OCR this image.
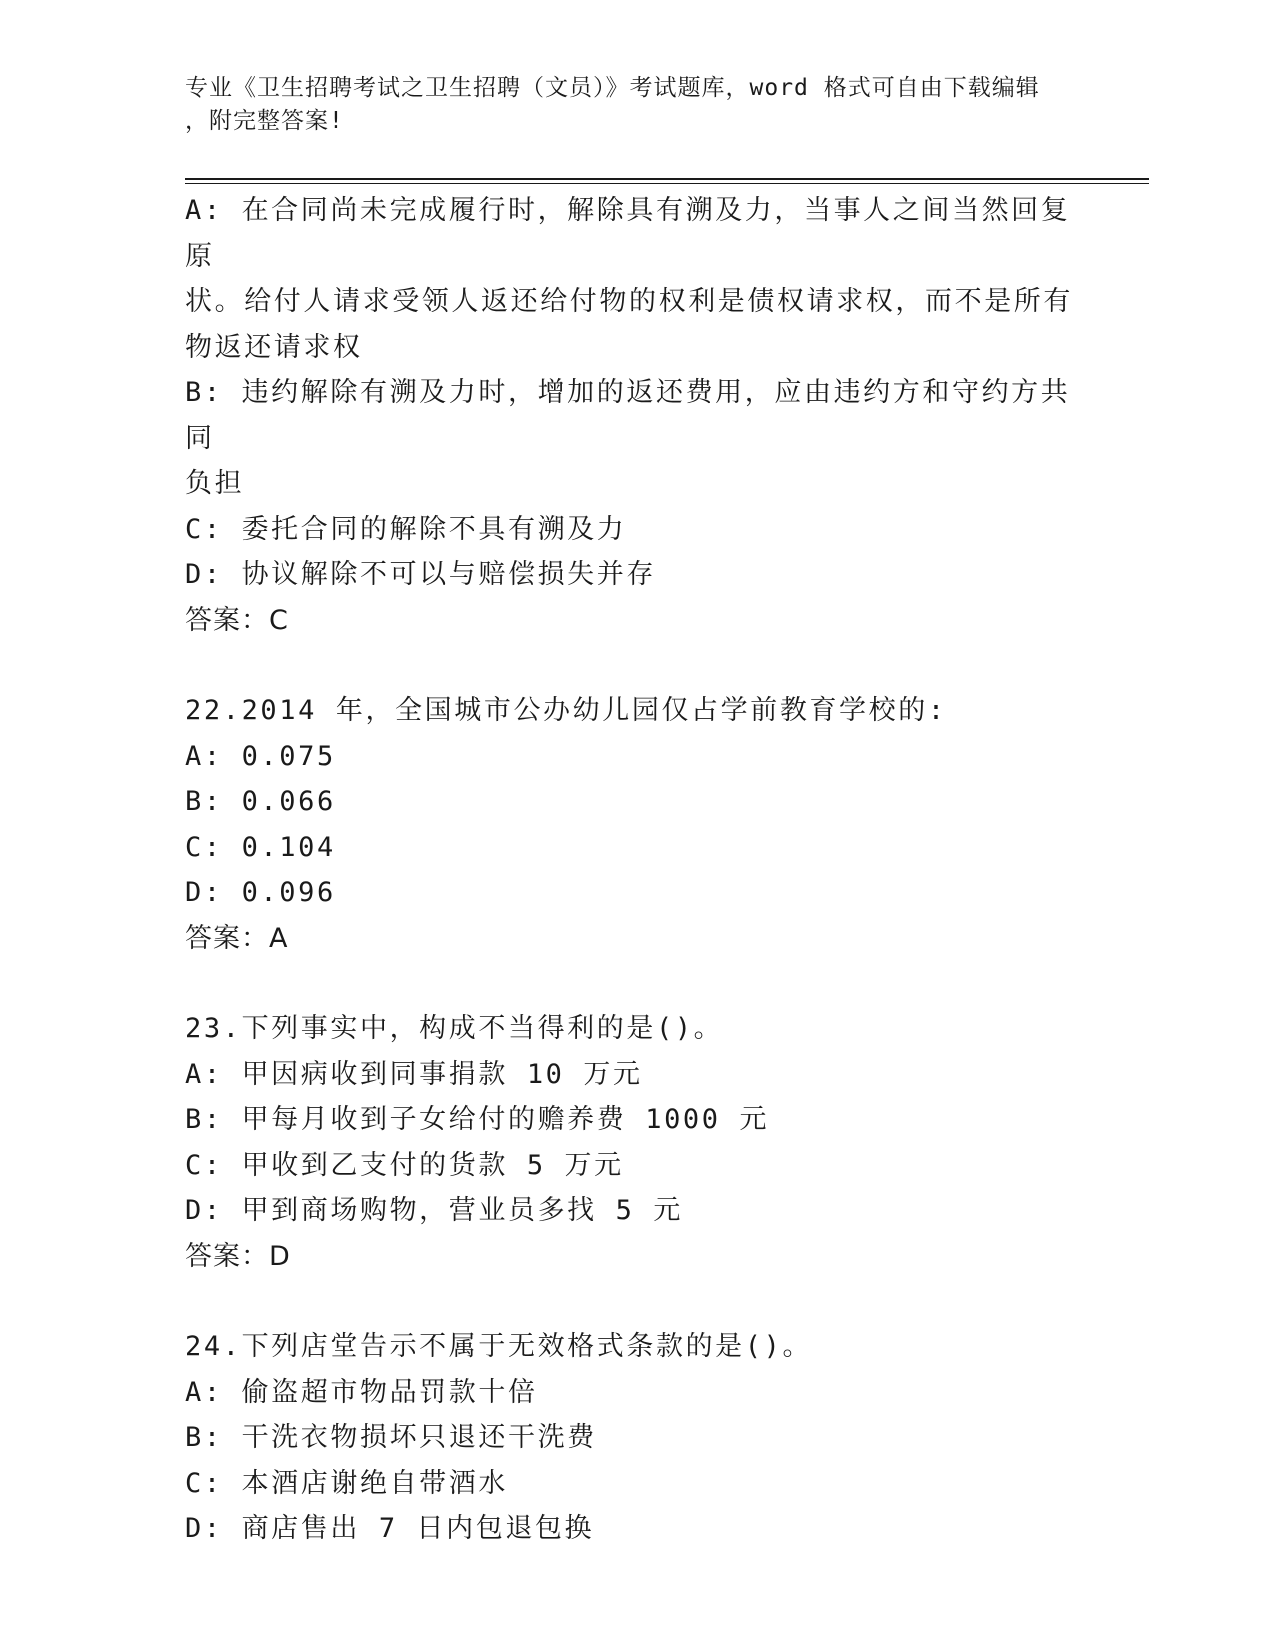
专业《卫生招聘考试之卫生招聘（文员）》考试题库，word 格式可自由下载编辑
，附完整答案!
A: 在合同尚未完成履行时，解除具有溯及力，当事人之间当然回复原
状。给付人请求受领人返还给付物的权利是债权请求权，而不是所有
物返还请求权
B: 违约解除有溯及力时，增加的返还费用，应由违约方和守约方共同
负担
C: 委托合同的解除不具有溯及力
D: 协议解除不可以与赔偿损失并存
答案：C
22.2014 年，全国城市公办幼儿园仅占学前教育学校的:
A: 0.075
B: 0.066
C: 0.104
D: 0.096
答案：A
23.下列事实中，构成不当得利的是()。
A: 甲因病收到同事捐款 10 万元
B: 甲每月收到子女给付的赡养费 1000 元
C: 甲收到乙支付的货款 5 万元
D: 甲到商场购物，营业员多找 5 元
答案：D
24.下列店堂告示不属于无效格式条款的是()。
A: 偷盗超市物品罚款十倍
B: 干洗衣物损坏只退还干洗费
C: 本酒店谢绝自带酒水
D: 商店售出 7 日内包退包换
